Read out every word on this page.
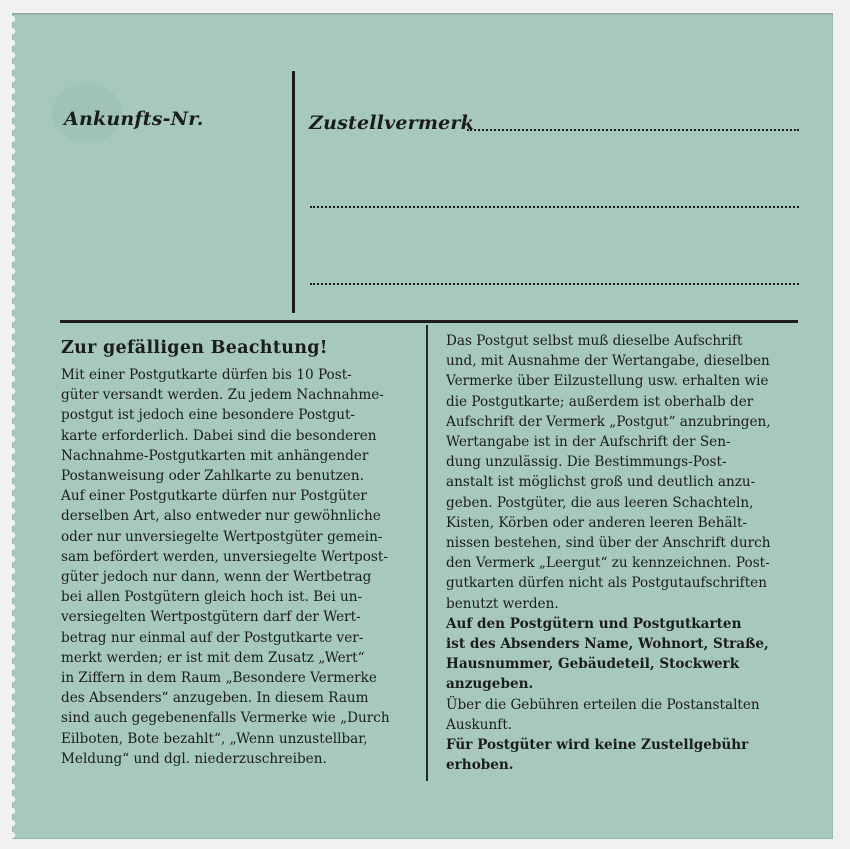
Ankunfts-Nr.	Zustellvermerk
Zur gefälligen Beachtung!
Mit einer Postgutkarte dürfen bis 10 Post-
güter versandt werden. Zu jedem Nachnahme-
postgut ist jedoch eine besondere Postgut-
karte erforderlich. Dabei sind die besonderen
Nachnahme-Postgutkarten mit anhängender
Postanweisung oder Zahlkarte zu benutzen.
Auf einer Postgutkarte dürfen nur Postgüter
derselben Art, also entweder nur gewöhnliche
oder nur unversiegelte Wertpostgüter gemein-
sam befördert werden, unversiegelte Wertpost-
güter jedoch nur dann, wenn der Wertbetrag
bei allen Postgütern gleich hoch ist. Bei un-
versiegelten Wertpostgütern darf der Wert-
betrag nur einmal auf der Postgutkarte ver-
merkt werden; er ist mit dem Zusatz „Wert“
in Ziffern in dem Raum „Besondere Vermerke
des Absenders“ anzugeben. In diesem Raum
sind auch gegebenenfalls Vermerke wie „Durch
Eilboten, Bote bezahlt“, „Wenn unzustellbar,
Meldung“ und dgl. niederzuschreiben.
Das Postgut selbst muß dieselbe Aufschrift
und, mit Ausnahme der Wertangabe, dieselben
Vermerke über Eilzustellung usw. erhalten wie
die Postgutkarte; außerdem ist oberhalb der
Aufschrift der Vermerk „Postgut“ anzubringen,
Wertangabe ist in der Aufschrift der Sen-
dung unzulässig. Die Bestimmungs-Post-
anstalt ist möglichst groß und deutlich anzu-
geben. Postgüter, die aus leeren Schachteln,
Kisten, Körben oder anderen leeren Behält-
nissen bestehen, sind über der Anschrift durch
den Vermerk „Leergut“ zu kennzeichnen. Post-
gutkarten dürfen nicht als Postgutaufschriften
benutzt werden.
Auf den Postgütern und Postgutkarten
ist des Absenders Name, Wohnort, Straße,
Hausnummer, Gebäudeteil, Stockwerk
anzugeben.
Über die Gebühren erteilen die Postanstalten
Auskunft.
Für Postgüter wird keine Zustellgebühr
erhoben.
